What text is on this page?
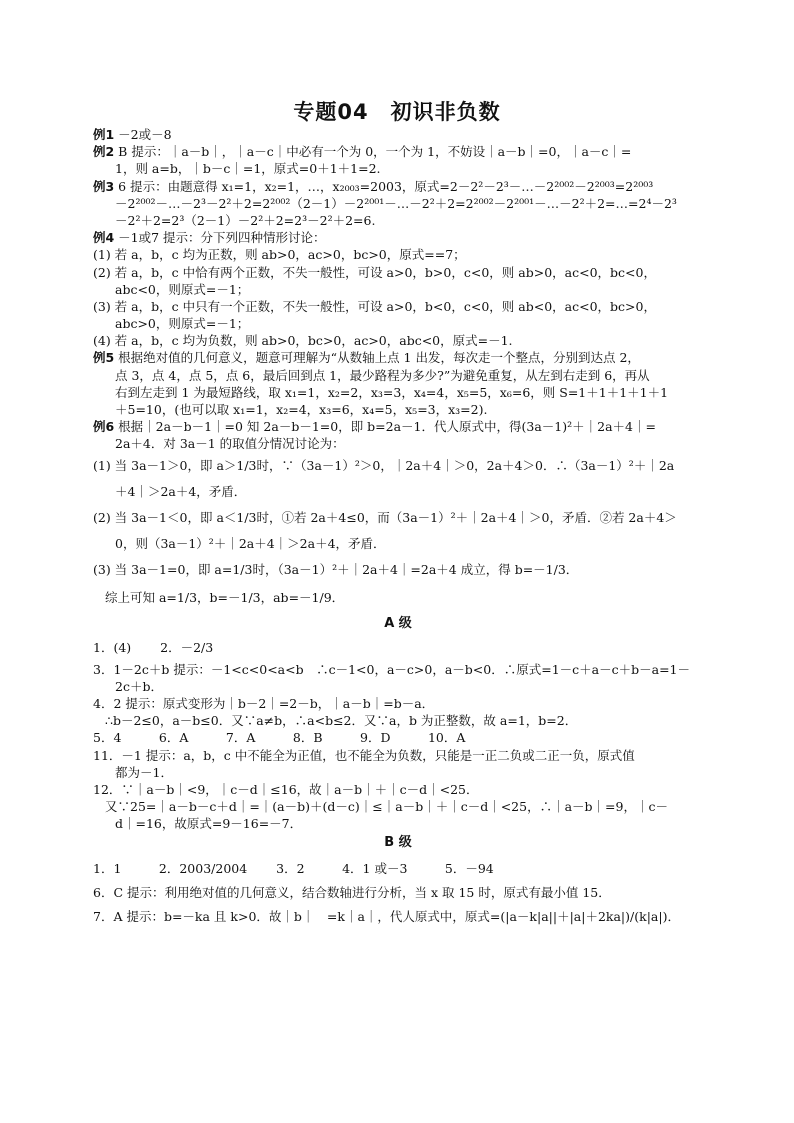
专题04　初识非负数
例1 －2或－8
例2 B 提示：｜a－b｜，｜a－c｜中必有一个为 0，一个为 1，不妨设｜a－b｜=0，｜a－c｜=
1，则 a=b，｜b－c｜=1，原式=0＋1＋1=2.
例3 6 提示：由题意得 x₁=1，x₂=1，…，x₂₀₀₃=2003，原式=2－2²－2³－…－2²⁰⁰²－2²⁰⁰³=2²⁰⁰³
－2²⁰⁰²－…－2³－2²＋2=2²⁰⁰²（2－1）－2²⁰⁰¹－…－2²＋2=2²⁰⁰²－2²⁰⁰¹－…－2²＋2=…=2⁴－2³
－2²＋2=2³（2－1）－2²＋2=2³－2²＋2=6.
例4 －1或7 提示：分下列四种情形讨论：
(1) 若 a，b，c 均为正数，则 ab>0，ac>0，bc>0，原式==7；
(2) 若 a，b，c 中恰有两个正数，不失一般性，可设 a>0，b>0，c<0，则 ab>0，ac<0，bc<0，
abc<0，则原式=－1；
(3) 若 a，b，c 中只有一个正数，不失一般性，可设 a>0，b<0，c<0，则 ab<0，ac<0，bc>0，
abc>0，则原式=－1；
(4) 若 a，b，c 均为负数，则 ab>0，bc>0，ac>0，abc<0，原式=－1.
例5 根据绝对值的几何意义，题意可理解为“从数轴上点 1 出发，每次走一个整点，分别到达点 2，
点 3，点 4，点 5，点 6，最后回到点 1，最少路程为多少?”为避免重复，从左到右走到 6，再从
右到左走到 1 为最短路线，取 x₁=1，x₂=2，x₃=3，x₄=4，x₅=5，x₆=6，则 S=1＋1＋1＋1＋1
＋5=10，(也可以取 x₁=1，x₂=4，x₃=6，x₄=5，x₅=3，x₃=2).
例6 根据｜2a－b－1｜=0 知 2a－b－1=0，即 b=2a－1．代人原式中，得(3a－1)²＋｜2a＋4｜=
2a＋4．对 3a－1 的取值分情况讨论为：
(1) 当 3a－1＞0，即 a＞1/3时，∵（3a－1）²＞0，｜2a＋4｜＞0，2a＋4＞0．∴（3a－1）²＋｜2a
＋4｜＞2a＋4，矛盾．
(2) 当 3a－1＜0，即 a＜1/3时，①若 2a＋4≤0，而（3a－1）²＋｜2a＋4｜＞0，矛盾．②若 2a＋4＞
0，则（3a－1）²＋｜2a＋4｜＞2a＋4，矛盾．
(3) 当 3a－1=0，即 a=1/3时，（3a－1）²＋｜2a＋4｜=2a＋4 成立，得 b=－1/3．
综上可知 a=1/3，b=－1/3，ab=－1/9．
A 级
1．(4)　　 2．－2/3
3．1－2c＋b 提示：－1<c<0<a<b　∴c－1<0，a－c>0，a－b<0．∴原式=1－c＋a－c＋b－a=1－
2c＋b．
4．2 提示：原式变形为｜b－2｜=2－b，｜a－b｜=b－a．
∴b－2≤0，a－b≤0．又∵a≠b，∴a<b≤2．又∵a，b 为正整数，故 a=1，b=2．
5．4　　　6．A　　　7．A　　　8．B　　　9．D　　　10．A
11．－1 提示：a，b，c 中不能全为正值，也不能全为负数，只能是一正二负或二正一负，原式值
都为－1．
12．∵｜a－b｜<9，｜c－d｜≤16，故｜a－b｜＋｜c－d｜<25．
又∵25=｜a－b－c＋d｜=｜(a－b)＋(d－c)｜≤｜a－b｜＋｜c－d｜<25，∴｜a－b｜=9，｜c－
d｜=16，故原式=9－16=－7．
B 级
1．1　　　2．2003/2004　　 3．2　　　4．1 或－3　　　5．－94
6．C 提示：利用绝对值的几何意义，结合数轴进行分析，当 x 取 15 时，原式有最小值 15．
7．A 提示：b=－ka 且 k>0．故｜b｜　=k｜a｜，代人原式中，原式=(|a－k|a||＋|a|＋2ka|)/(k|a|)．
